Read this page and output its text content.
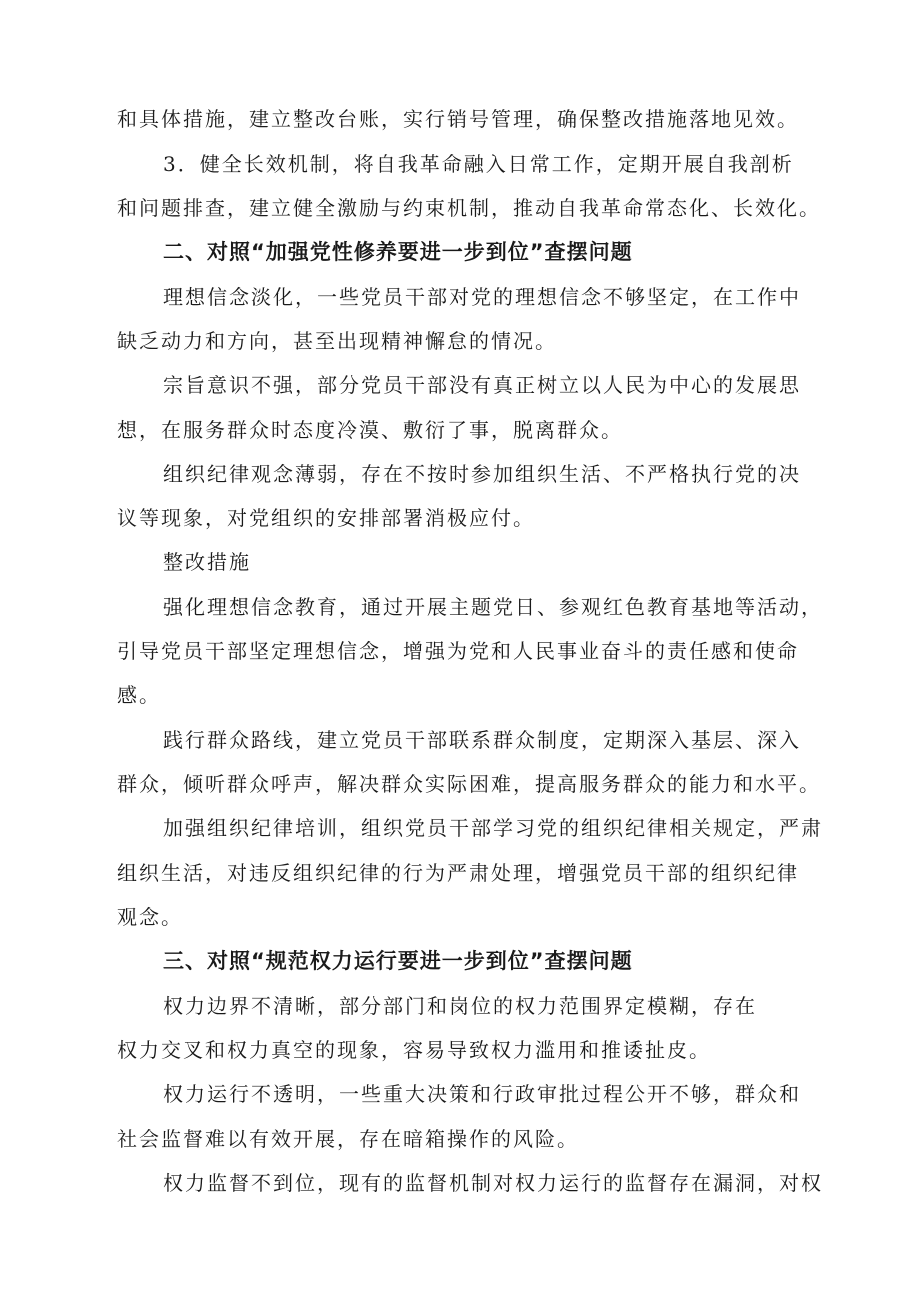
和具体措施，建立整改台账，实行销号管理，确保整改措施落地见效。
3．健全长效机制，将自我革命融入日常工作，定期开展自我剖析
和问题排查，建立健全激励与约束机制，推动自我革命常态化、长效化。
二、对照“加强党性修养要进一步到位”查摆问题
理想信念淡化，一些党员干部对党的理想信念不够坚定，在工作中
缺乏动力和方向，甚至出现精神懈怠的情况。
宗旨意识不强，部分党员干部没有真正树立以人民为中心的发展思
想，在服务群众时态度冷漠、敷衍了事，脱离群众。
组织纪律观念薄弱，存在不按时参加组织生活、不严格执行党的决
议等现象，对党组织的安排部署消极应付。
整改措施
强化理想信念教育，通过开展主题党日、参观红色教育基地等活动，
引导党员干部坚定理想信念，增强为党和人民事业奋斗的责任感和使命
感。
践行群众路线，建立党员干部联系群众制度，定期深入基层、深入
群众，倾听群众呼声，解决群众实际困难，提高服务群众的能力和水平。
加强组织纪律培训，组织党员干部学习党的组织纪律相关规定，严肃
组织生活，对违反组织纪律的行为严肃处理，增强党员干部的组织纪律
观念。
三、对照“规范权力运行要进一步到位”查摆问题
权力边界不清晰，部分部门和岗位的权力范围界定模糊，存在
权力交叉和权力真空的现象，容易导致权力滥用和推诿扯皮。
权力运行不透明，一些重大决策和行政审批过程公开不够，群众和
社会监督难以有效开展，存在暗箱操作的风险。
权力监督不到位，现有的监督机制对权力运行的监督存在漏洞，对权
